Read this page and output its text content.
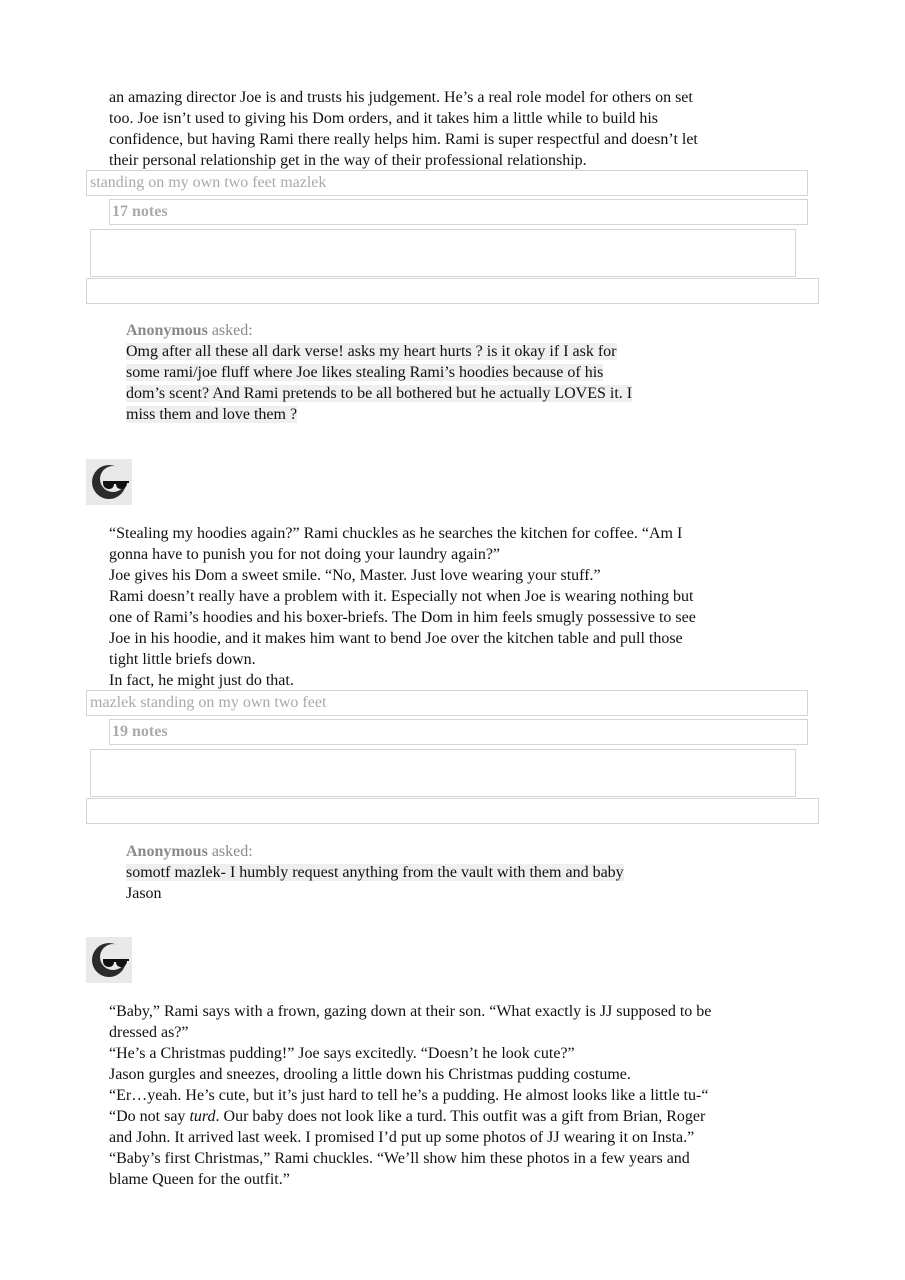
an amazing director Joe is and trusts his judgement. He’s a real role model for others on set

too. Joe isn’t used to giving his Dom orders, and it takes him a little while to build his

confidence, but having Rami there really helps him. Rami is super respectful and doesn’t let

their personal relationship get in the way of their professional relationship.

standing on my own two feet mazlek
17 notes
Anonymous asked:
Omg after all these all dark verse! asks my heart hurts ? is it okay if I ask for
some rami/joe fluff where Joe likes stealing Rami’s hoodies because of his
dom’s scent? And Rami pretends to be all bothered but he actually LOVES it. I
miss them and love them ?

“Stealing my hoodies again?” Rami chuckles as he searches the kitchen for coffee. “Am I

gonna have to punish you for not doing your laundry again?”

Joe gives his Dom a sweet smile. “No, Master. Just love wearing your stuff.”

Rami doesn’t really have a problem with it. Especially not when Joe is wearing nothing but

one of Rami’s hoodies and his boxer-briefs. The Dom in him feels smugly possessive to see

Joe in his hoodie, and it makes him want to bend Joe over the kitchen table and pull those

tight little briefs down.

In fact, he might just do that.

mazlek standing on my own two feet
19 notes
Anonymous asked:
somotf mazlek- I humbly request anything from the vault with them and baby
Jason

“Baby,” Rami says with a frown, gazing down at their son. “What exactly is JJ supposed to be

dressed as?”

“He’s a Christmas pudding!” Joe says excitedly. “Doesn’t he look cute?”

Jason gurgles and sneezes, drooling a little down his Christmas pudding costume.

“Er…yeah. He’s cute, but it’s just hard to tell he’s a pudding. He almost looks like a little tu-“

“Do not say turd. Our baby does not look like a turd. This outfit was a gift from Brian, Roger

and John. It arrived last week. I promised I’d put up some photos of JJ wearing it on Insta.”

“Baby’s first Christmas,” Rami chuckles. “We’ll show him these photos in a few years and

blame Queen for the outfit.”
